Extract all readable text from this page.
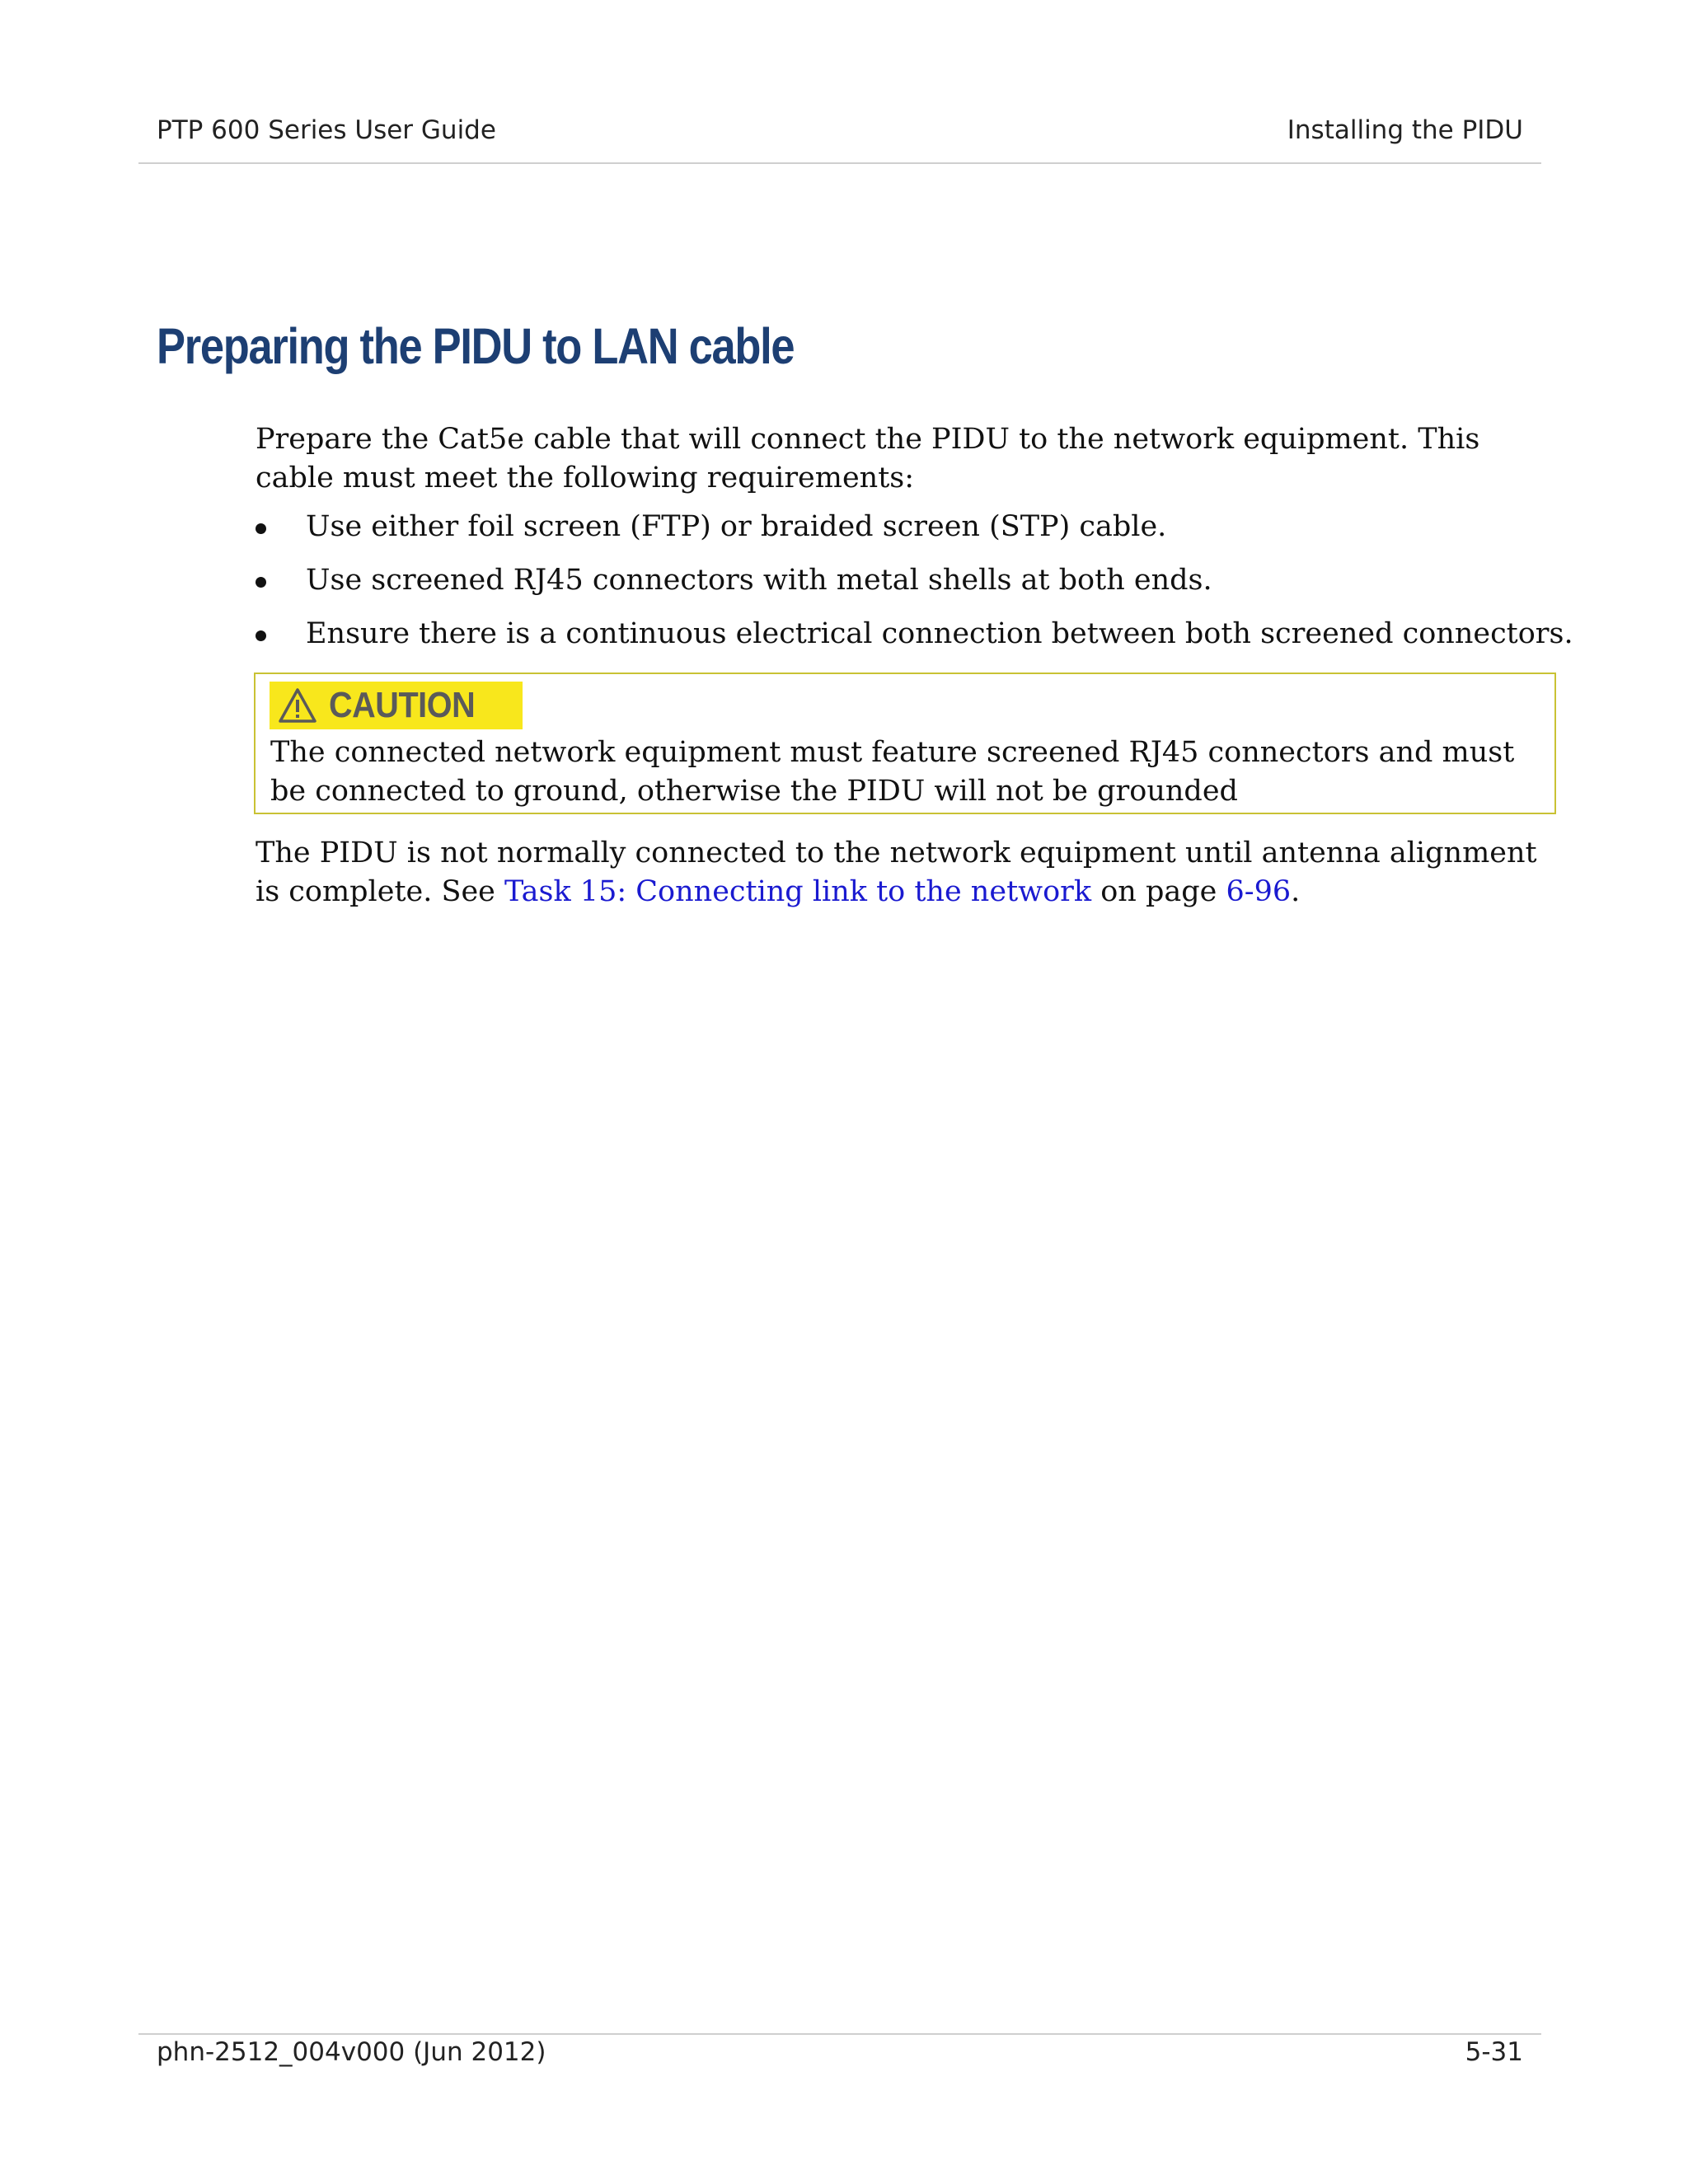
PTP 600 Series User Guide	Installing the PIDU
Preparing the PIDU to LAN cable

Prepare the Cat5e cable that will connect the PIDU to the network equipment. This cable must meet the following requirements:

Use either foil screen (FTP) or braided screen (STP) cable.
Use screened RJ45 connectors with metal shells at both ends.
Ensure there is a continuous electrical connection between both screened connectors.
CAUTION

The connected network equipment must feature screened RJ45 connectors and must be connected to ground, otherwise the PIDU will not be grounded

The PIDU is not normally connected to the network equipment until antenna alignment is complete. See Task 15: Connecting link to the network on page 6-96.

phn-2512_004v000 (Jun 2012)	5-31
